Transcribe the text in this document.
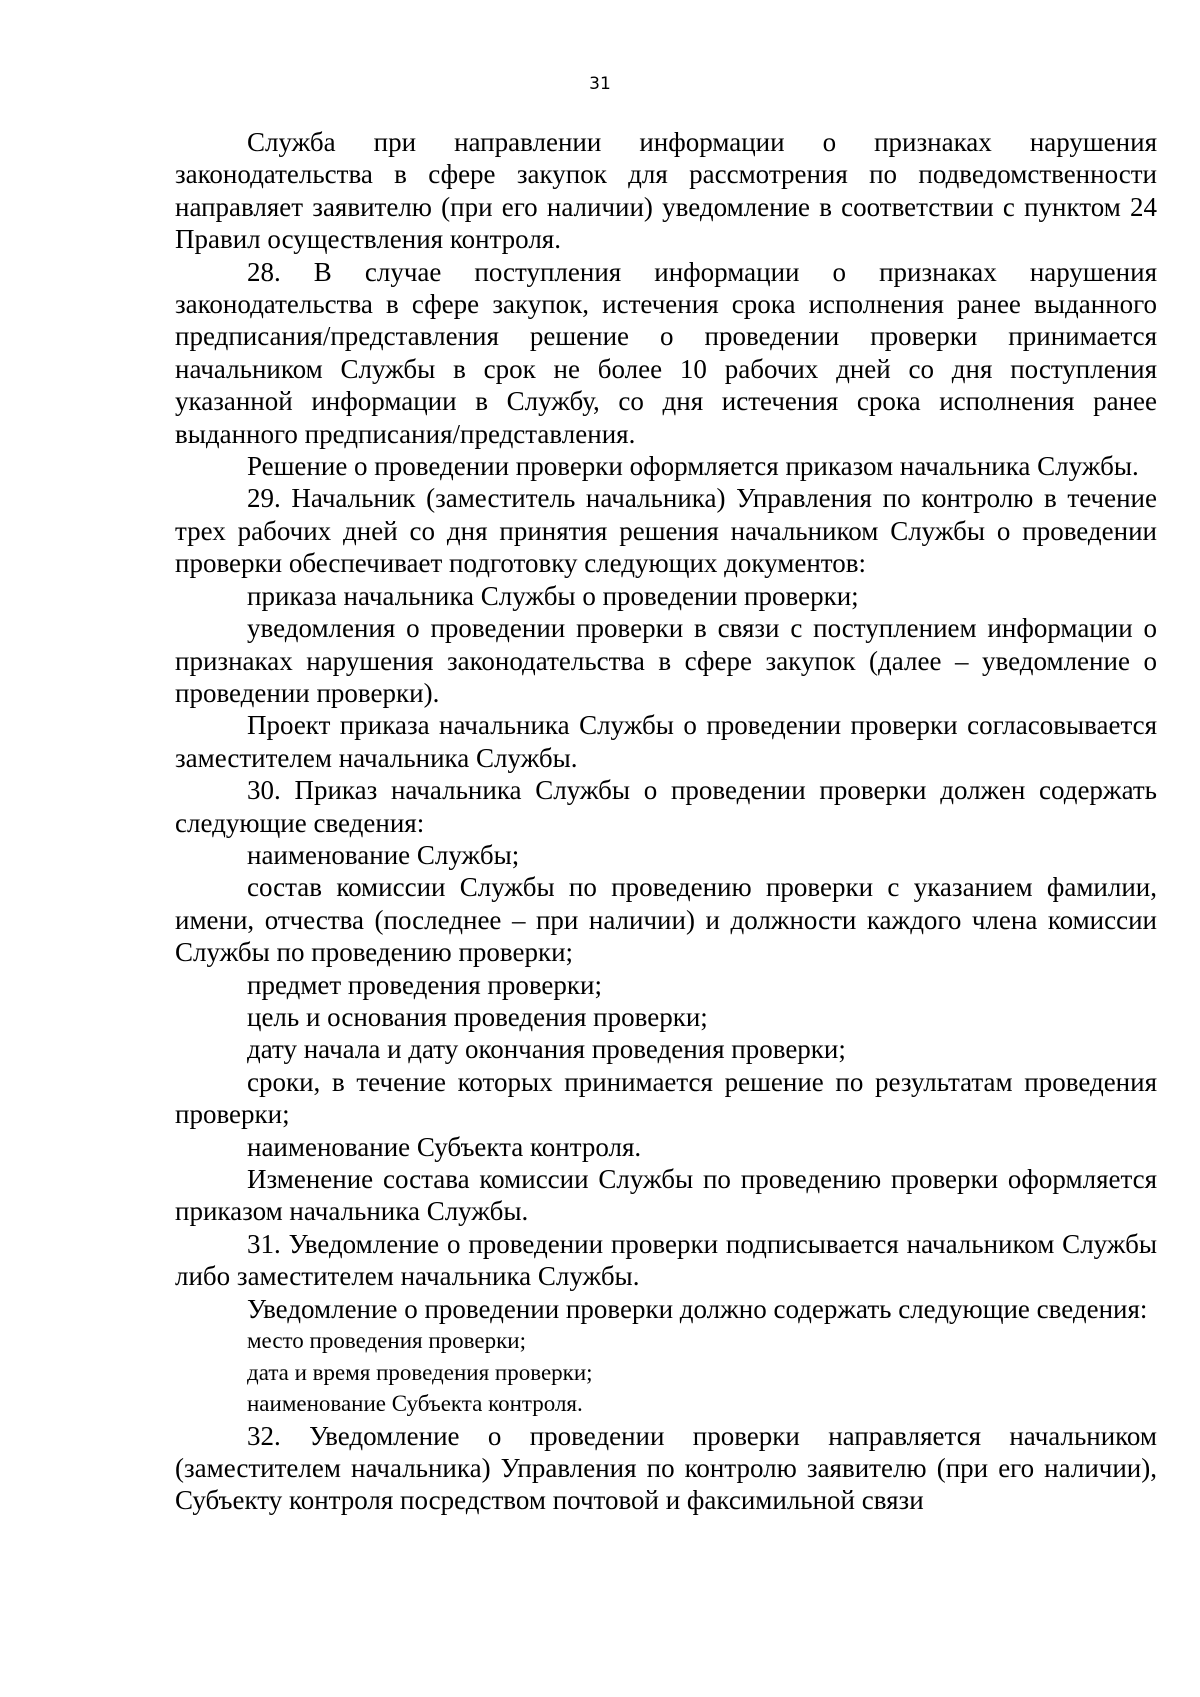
31

Служба при направлении информации о признаках нарушения законодательства в сфере закупок для рассмотрения по подведомственности направляет заявителю (при его наличии) уведомление в соответствии с пунктом 24 Правил осуществления контроля.

28. В случае поступления информации о признаках нарушения законодательства в сфере закупок, истечения срока исполнения ранее выданного предписания/представления решение о проведении проверки принимается начальником Службы в срок не более 10 рабочих дней со дня поступления указанной информации в Службу, со дня истечения срока исполнения ранее выданного предписания/представления.

Решение о проведении проверки оформляется приказом начальника Службы.

29. Начальник (заместитель начальника) Управления по контролю в течение трех рабочих дней со дня принятия решения начальником Службы о проведении проверки обеспечивает подготовку следующих документов:

приказа начальника Службы о проведении проверки;

уведомления о проведении проверки в связи с поступлением информации о признаках нарушения законодательства в сфере закупок (далее – уведомление о проведении проверки).

Проект приказа начальника Службы о проведении проверки согласовывается заместителем начальника Службы.

30. Приказ начальника Службы о проведении проверки должен содержать следующие сведения:

наименование Службы;

состав комиссии Службы по проведению проверки с указанием фамилии, имени, отчества (последнее – при наличии) и должности каждого члена комиссии Службы по проведению проверки;

предмет проведения проверки;

цель и основания проведения проверки;

дату начала и дату окончания проведения проверки;

сроки, в течение которых принимается решение по результатам проведения проверки;

наименование Субъекта контроля.

Изменение состава комиссии Службы по проведению проверки оформляется приказом начальника Службы.

31. Уведомление о проведении проверки подписывается начальником Службы либо заместителем начальника Службы.

Уведомление о проведении проверки должно содержать следующие сведения:

место проведения проверки;

дата и время проведения проверки;

наименование Субъекта контроля.

32. Уведомление о проведении проверки направляется начальником (заместителем начальника) Управления по контролю заявителю (при его наличии), Субъекту контроля посредством почтовой и факсимильной связи
